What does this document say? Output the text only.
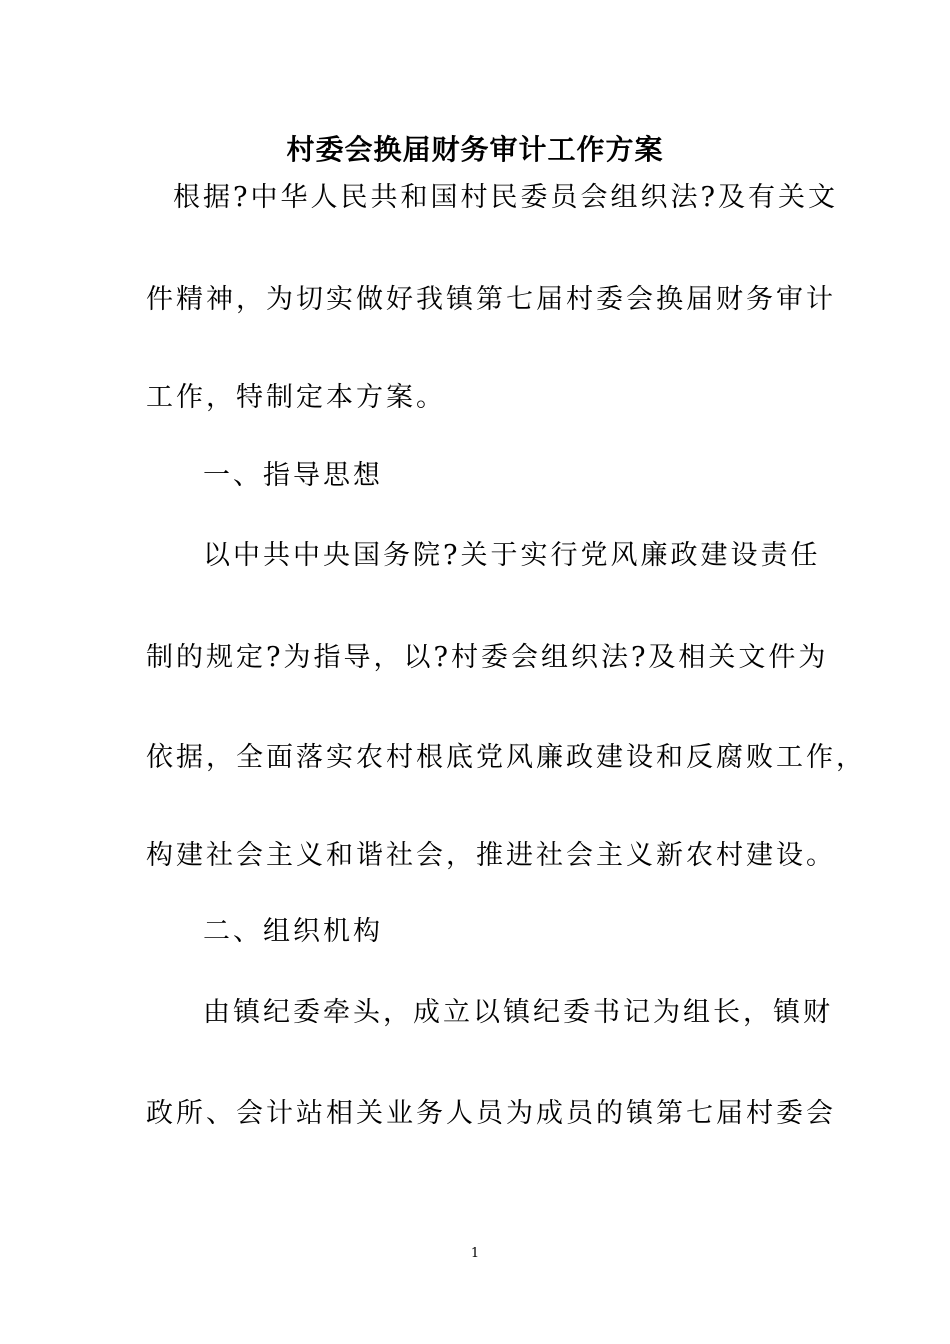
村委会换届财务审计工作方案
根据?中华人民共和国村民委员会组织法?及有关文
件精神，为切实做好我镇第七届村委会换届财务审计
工作，特制定本方案。
一、指导思想
以中共中央国务院?关于实行党风廉政建设责任
制的规定?为指导，以?村委会组织法?及相关文件为
依据，全面落实农村根底党风廉政建设和反腐败工作，
构建社会主义和谐社会，推进社会主义新农村建设。
二、组织机构
由镇纪委牵头，成立以镇纪委书记为组长，镇财
政所、会计站相关业务人员为成员的镇第七届村委会
1
